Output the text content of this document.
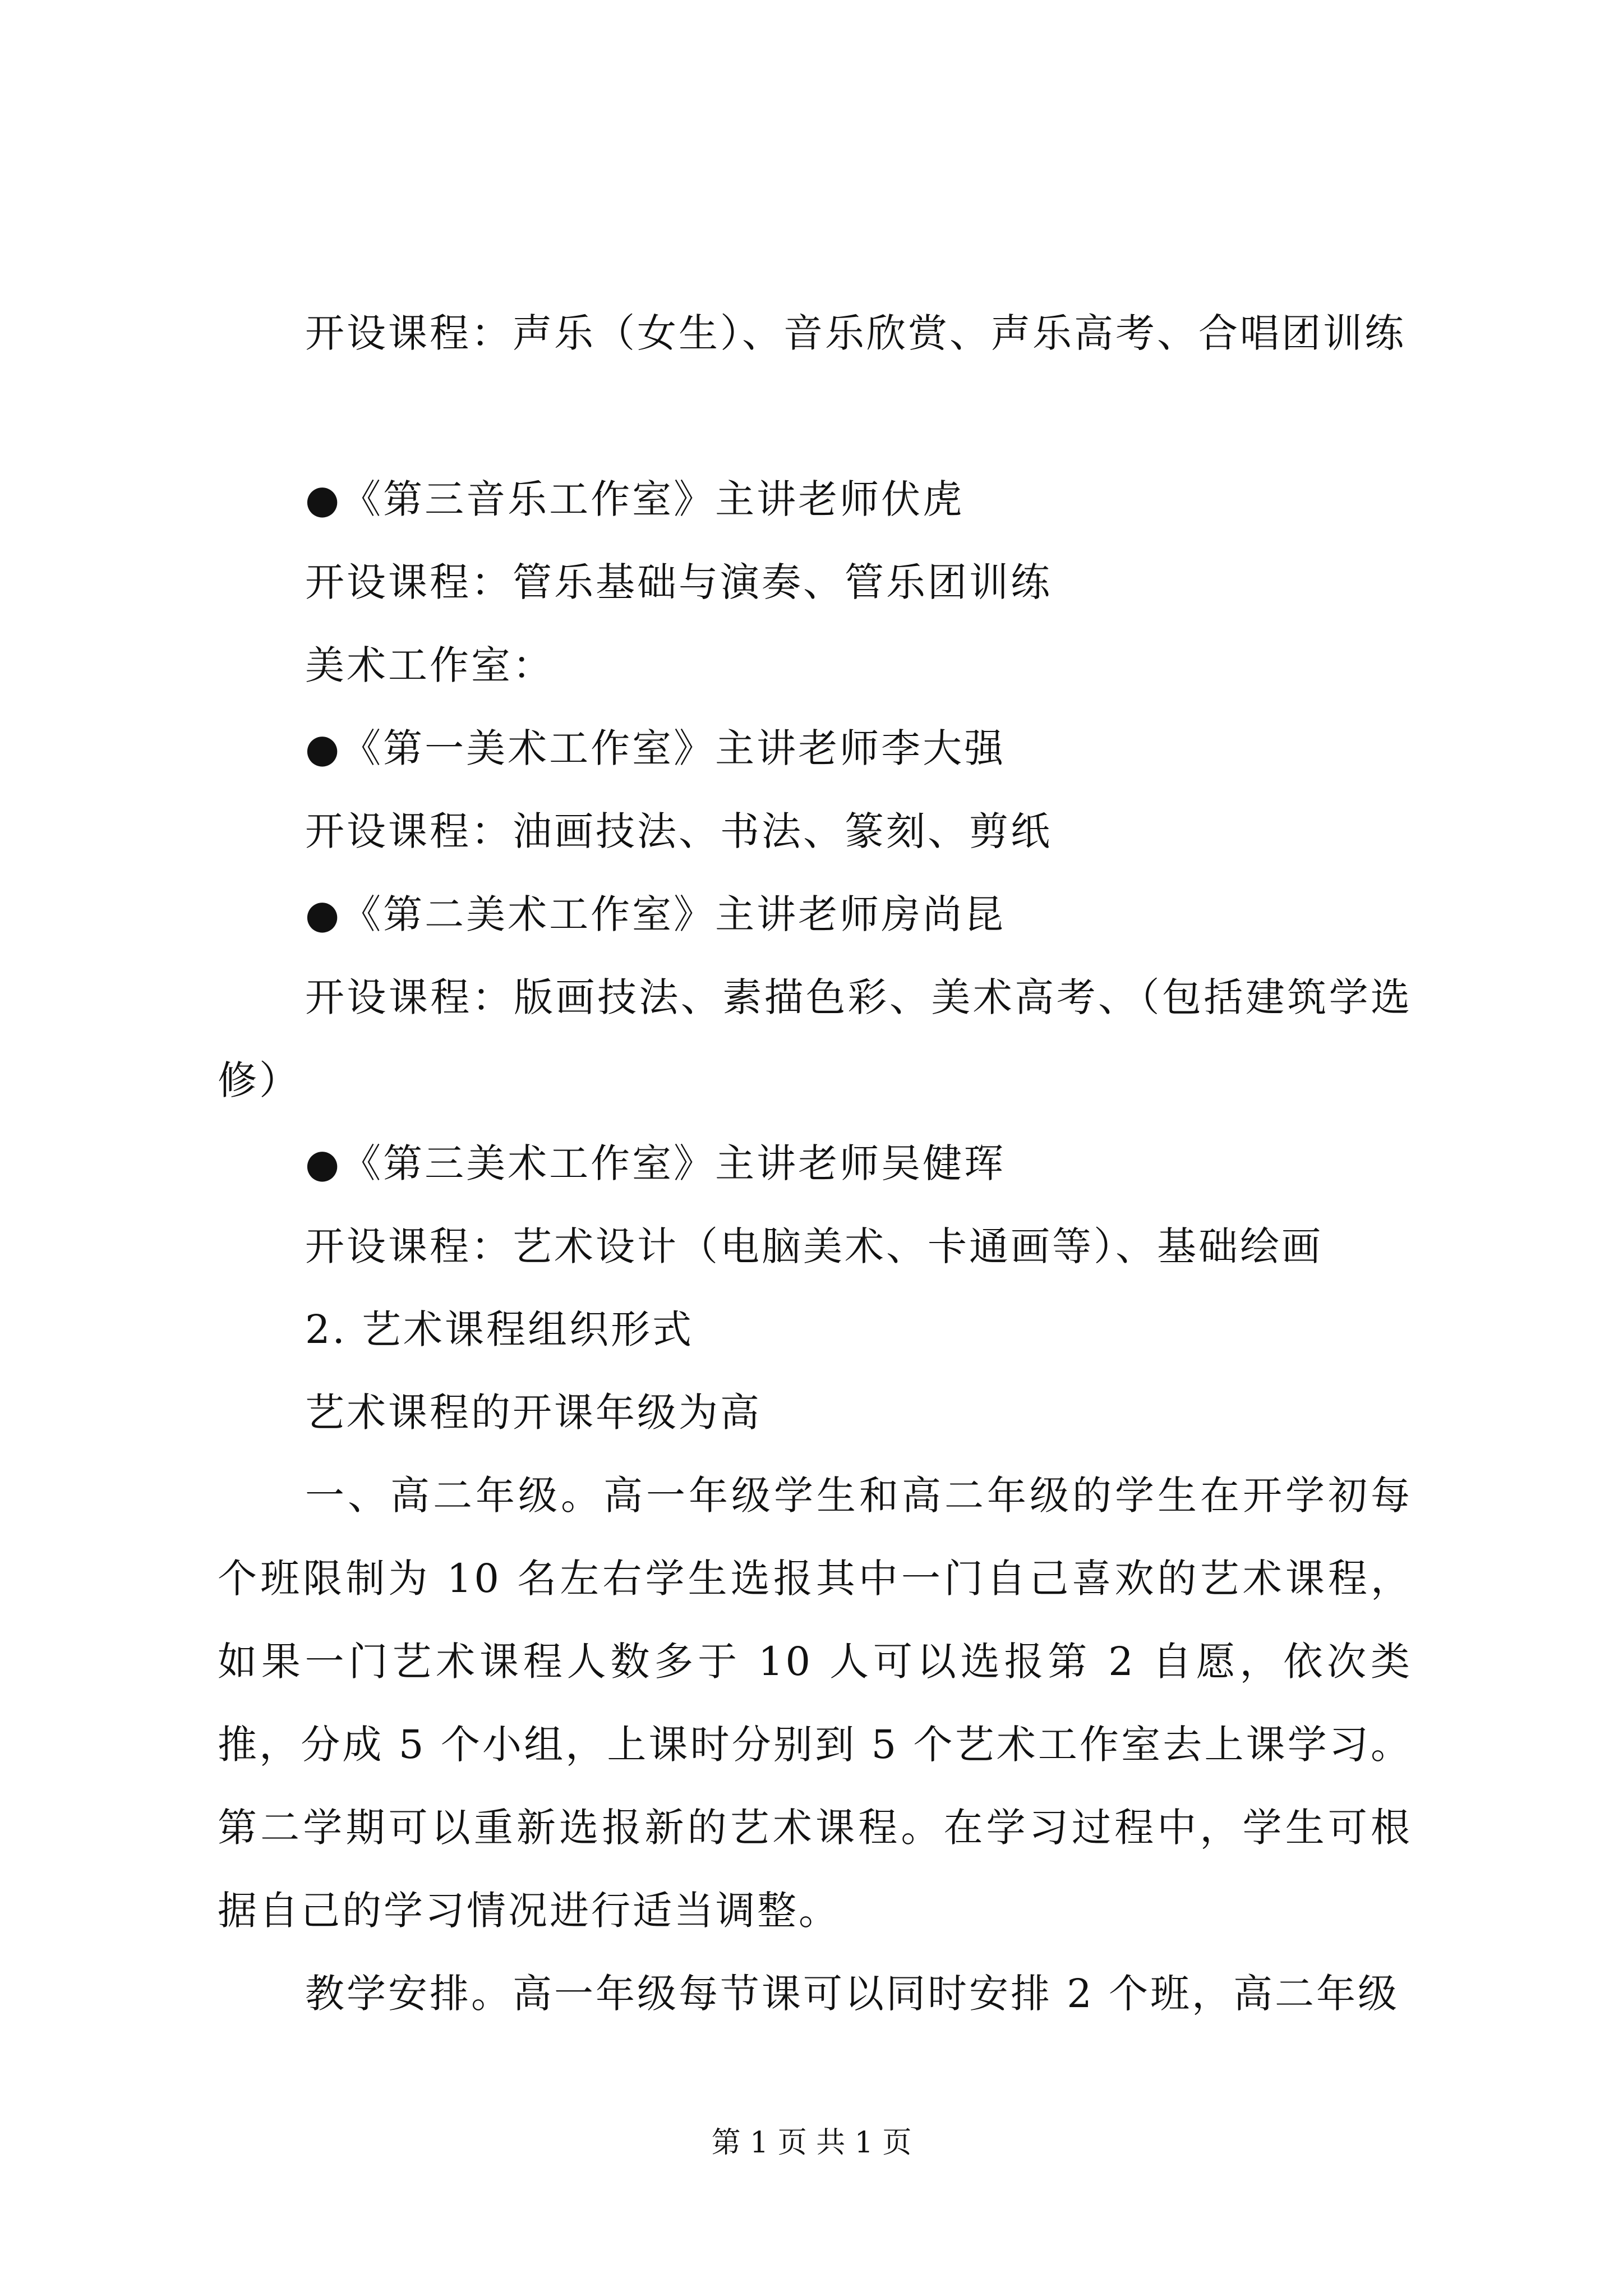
开设课程：声乐（女生）、音乐欣赏、声乐高考、合唱团训练

●《第三音乐工作室》主讲老师伏虎

开设课程：管乐基础与演奏、管乐团训练

美术工作室：

●《第一美术工作室》主讲老师李大强

开设课程：油画技法、书法、篆刻、剪纸

●《第二美术工作室》主讲老师房尚昆

开设课程：版画技法、素描色彩、美术高考、（包括建筑学选修）

●《第三美术工作室》主讲老师吴健珲

开设课程：艺术设计（电脑美术、卡通画等）、基础绘画

2. 艺术课程组织形式

艺术课程的开课年级为高

一、高二年级。高一年级学生和高二年级的学生在开学初每个班限制为 10 名左右学生选报其中一门自己喜欢的艺术课程，如果一门艺术课程人数多于 10 人可以选报第 2 自愿，依次类推，分成 5 个小组，上课时分别到 5 个艺术工作室去上课学习。第二学期可以重新选报新的艺术课程。在学习过程中，学生可根据自己的学习情况进行适当调整。

教学安排。高一年级每节课可以同时安排 2 个班，高二年级

第 1 页 共 1 页
